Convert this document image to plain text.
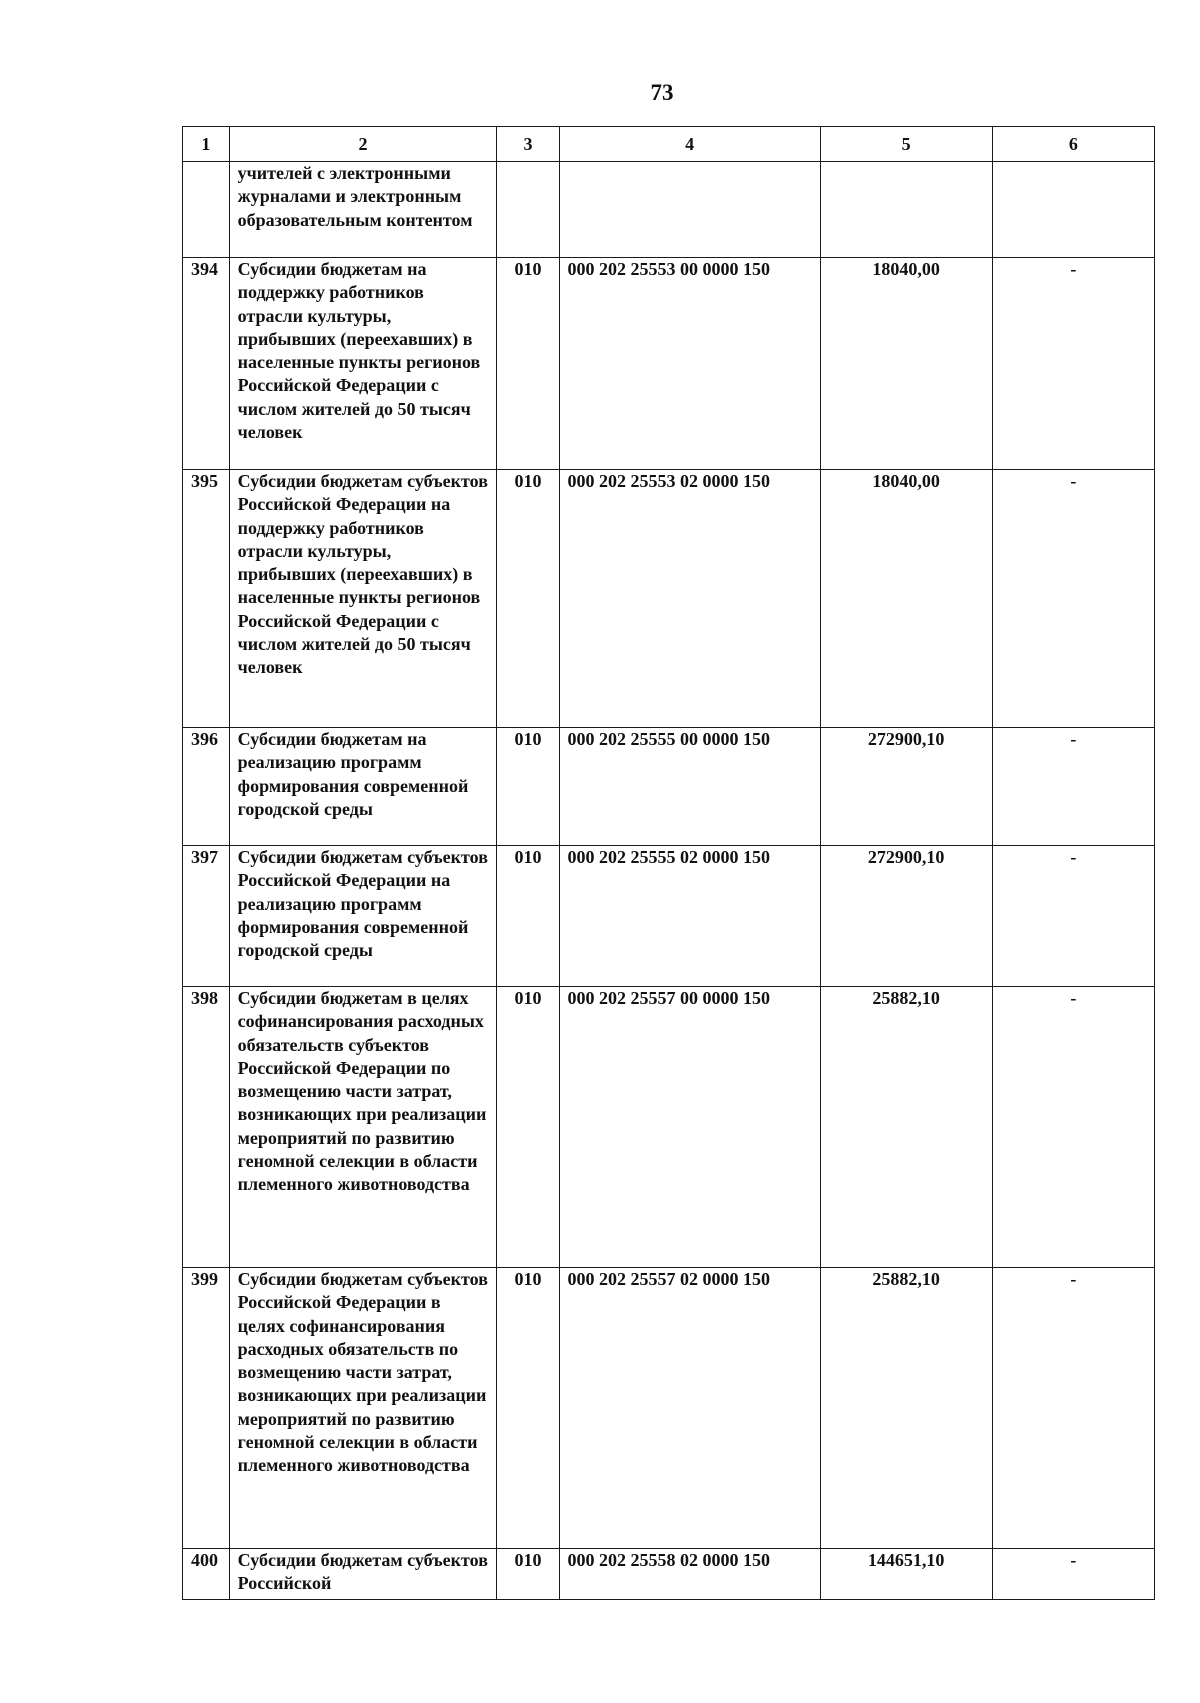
73
1	2	3	4	5	6

	учителей с электронными журналами и электронным образовательным контентом				

394	Субсидии бюджетам на поддержку работников отрасли культуры, прибывших (переехавших) в населенные пункты регионов Российской Федерации с числом жителей до 50 тысяч человек	010	000 202 25553 00 0000 150	18040,00	-
395	Субсидии бюджетам субъектов Российской Федерации на поддержку работников отрасли культуры, прибывших (переехавших) в населенные пункты регионов Российской Федерации с числом жителей до 50 тысяч человек	010	000 202 25553 02 0000 150	18040,00	-
396	Субсидии бюджетам на реализацию программ формирования современной городской среды	010	000 202 25555 00 0000 150	272900,10	-
397	Субсидии бюджетам субъектов Российской Федерации на реализацию программ формирования современной городской среды	010	000 202 25555 02 0000 150	272900,10	-
398	Субсидии бюджетам в целях софинансирования расходных обязательств субъектов Российской Федерации по возмещению части затрат, возникающих при реализации мероприятий по развитию геномной селекции в области племенного животноводства	010	000 202 25557 00 0000 150	25882,10	-
399	Субсидии бюджетам субъектов Российской Федерации в целях софинансирования расходных обязательств по возмещению части затрат, возникающих при реализации мероприятий по развитию геномной селекции в области племенного животноводства	010	000 202 25557 02 0000 150	25882,10	-
400	Субсидии бюджетам субъектов Российской	010	000 202 25558 02 0000 150	144651,10	-
